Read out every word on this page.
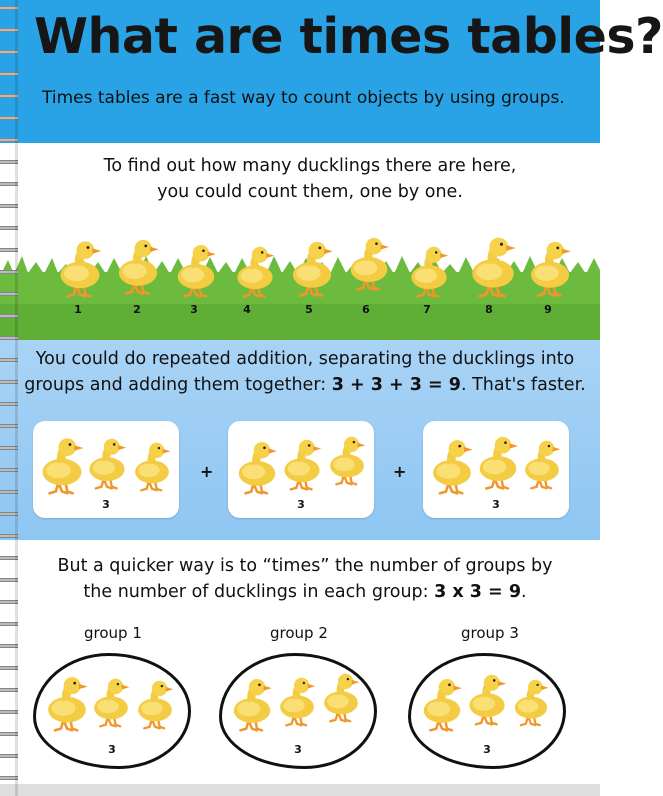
What are times tables?
Times tables are a fast way to count objects by using groups.
To find out how many ducklings there are here,
you could count them, one by one.
1	2	3	4	5	6	7	8	9
You could do repeated addition, separating the ducklings into
groups and adding them together: 3 + 3 + 3 = 9. That's faster.
3
+
3
+
3
But a quicker way is to “times” the number of groups by
the number of ducklings in each group: 3 x 3 = 9.
group 1	group 2	group 3
3	3	3
